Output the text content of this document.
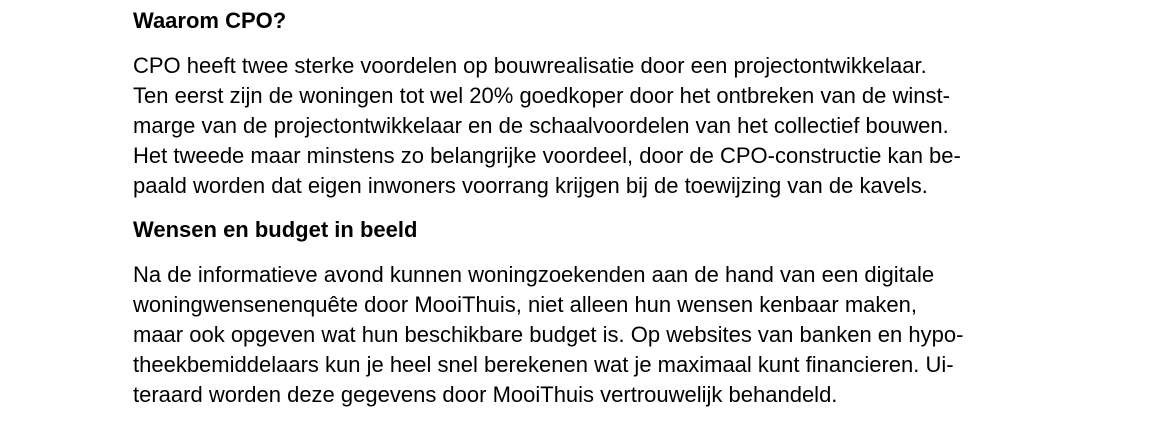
Waarom CPO?

CPO heeft twee sterke voordelen op bouwrealisatie door een projectontwikkelaar.
Ten eerst zijn de woningen tot wel 20% goedkoper door het ontbreken van de winst-
marge van de projectontwikkelaar en de schaalvoordelen van het collectief bouwen.
Het tweede maar minstens zo belangrijke voordeel, door de CPO-constructie kan be-
paald worden dat eigen inwoners voorrang krijgen bij de toewijzing van de kavels.

Wensen en budget in beeld

Na de informatieve avond kunnen woningzoekenden aan de hand van een digitale
woningwensenenquête door MooiThuis, niet alleen hun wensen kenbaar maken,
maar ook opgeven wat hun beschikbare budget is. Op websites van banken en hypo-
theekbemiddelaars kun je heel snel berekenen wat je maximaal kunt financieren. Ui-
teraard worden deze gegevens door MooiThuis vertrouwelijk behandeld.
